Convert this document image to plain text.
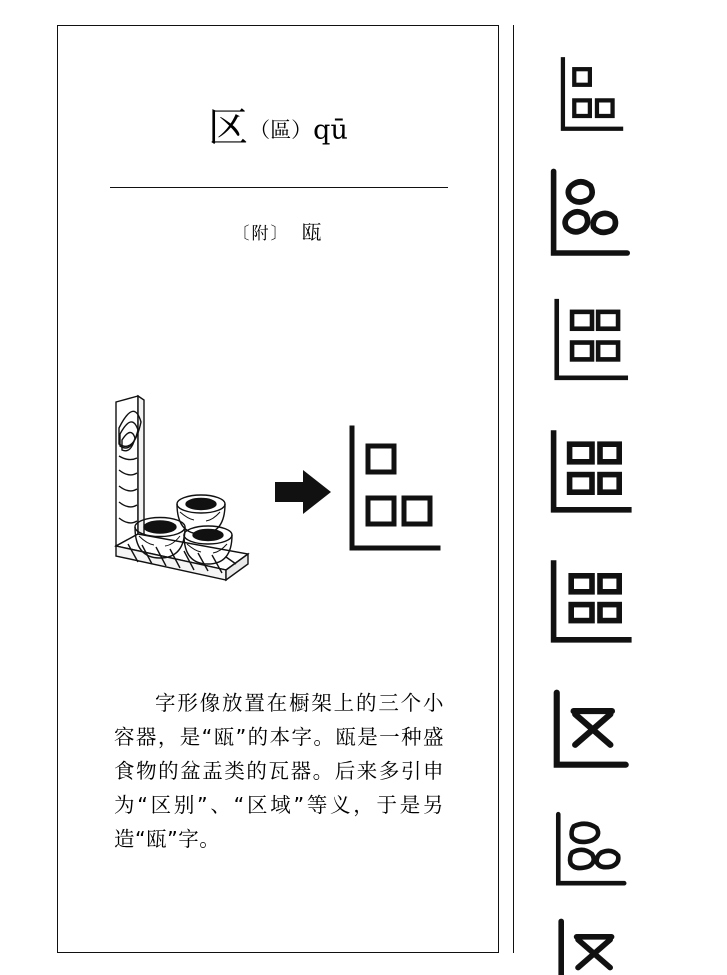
区（區）qū
〔附〕 瓯

字形像放置在橱架上的三个小容器，是“瓯”的本字。瓯是一种盛食物的盆盂类的瓦器。后来多引申为“区别”、“区域”等义，于是另造“瓯”字。
